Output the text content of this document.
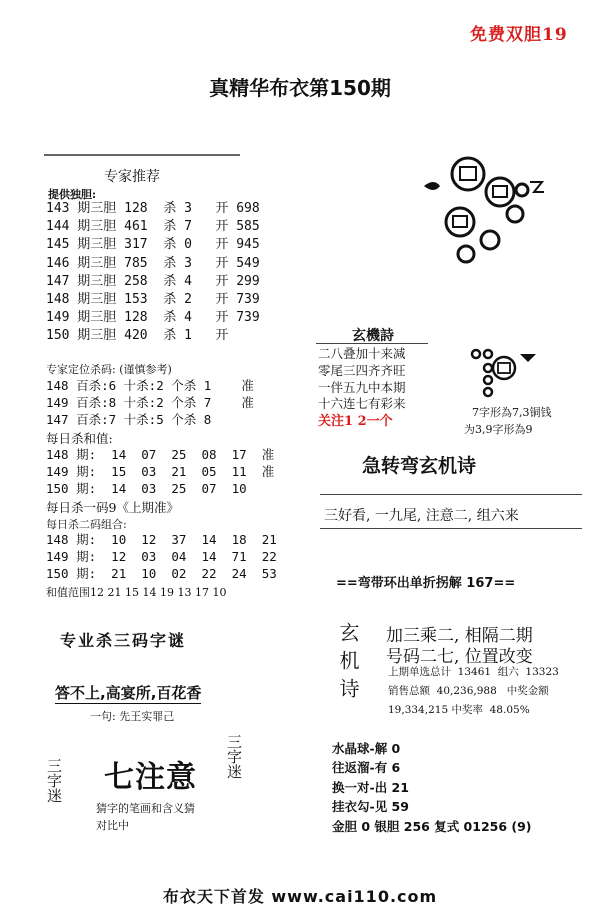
免费双胆19
真精华布衣第150期
专家推荐
提供独胆:
143 期三胆 128  杀 3   开 698
144 期三胆 461  杀 7   开 585
145 期三胆 317  杀 0   开 945
146 期三胆 785  杀 3   开 549
147 期三胆 258  杀 4   开 299
148 期三胆 153  杀 2   开 739
149 期三胆 128  杀 4   开 739
150 期三胆 420  杀 1   开
专家定位杀码: (谨慎参考)
148 百杀:6 十杀:2 个杀 1    准
149 百杀:8 十杀:2 个杀 7    准
147 百杀:7 十杀:5 个杀 8
每日杀和值:
148 期:  14  07  25  08  17  准
149 期:  15  03  21  05  11  准
150 期:  14  03  25  07  10
每日杀一码9《上期准》
每日杀二码组合:
148 期:  10  12  37  14  18  21
149 期:  12  03  04  14  71  22
150 期:  21  10  02  22  24  53
和值范围12 21 15 14 19 13 17 10
玄機詩
二八叠加十来减
零尾三四齐齐旺
一伴五九中本期
十六连七有彩来
关注1 2一个
7字形為7,3铜钱
为3,9字形為9
急转弯玄机诗
三好看, 一九尾, 注意二, 组六来
==弯带环出单折拐解 167==
专业杀三码字谜
答不上,高宴所,百花香
一句: 先王实罪己
三字迷
三字迷
七注意
猜字的笔画和含义猜
对比中
玄机诗 加三乘二, 相隔二期
号码二七, 位置改变
上期单选总计  13461  组六  13323
销售总额  40,236,988   中奖金额
19,334,215 中奖率  48.05%
水晶球-解 0
往返溜-有 6
换一对-出 21
挂衣勾-见 59
金胆 0 银胆 256 复式 01256 (9)
布衣天下首发 www.cai110.com
